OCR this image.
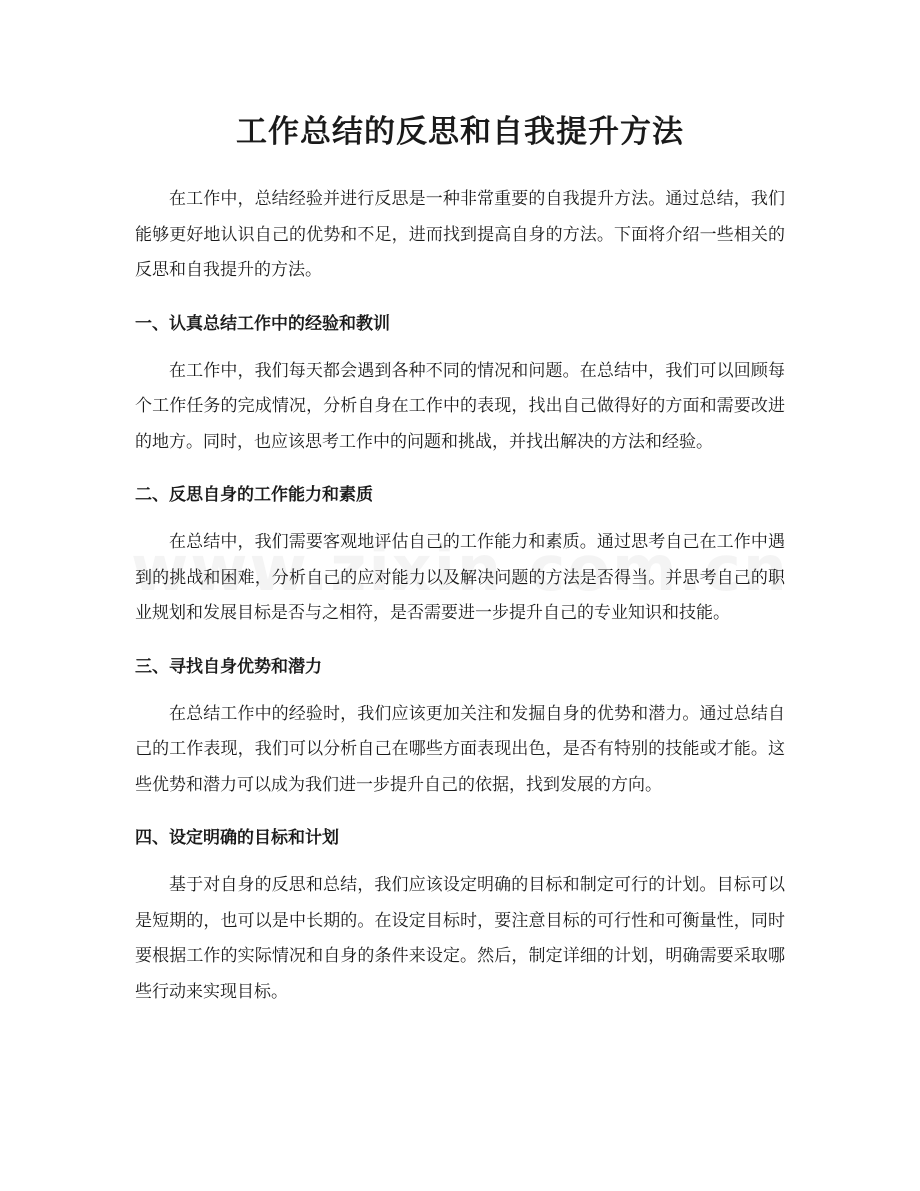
工作总结的反思和自我提升方法

在工作中，总结经验并进行反思是一种非常重要的自我提升方法。通过总结，我们能够更好地认识自己的优势和不足，进而找到提高自身的方法。下面将介绍一些相关的反思和自我提升的方法。

一、认真总结工作中的经验和教训

在工作中，我们每天都会遇到各种不同的情况和问题。在总结中，我们可以回顾每个工作任务的完成情况，分析自身在工作中的表现，找出自己做得好的方面和需要改进的地方。同时，也应该思考工作中的问题和挑战，并找出解决的方法和经验。

二、反思自身的工作能力和素质

在总结中，我们需要客观地评估自己的工作能力和素质。通过思考自己在工作中遇到的挑战和困难，分析自己的应对能力以及解决问题的方法是否得当。并思考自己的职业规划和发展目标是否与之相符，是否需要进一步提升自己的专业知识和技能。

三、寻找自身优势和潜力

在总结工作中的经验时，我们应该更加关注和发掘自身的优势和潜力。通过总结自己的工作表现，我们可以分析自己在哪些方面表现出色，是否有特别的技能或才能。这些优势和潜力可以成为我们进一步提升自己的依据，找到发展的方向。

四、设定明确的目标和计划

基于对自身的反思和总结，我们应该设定明确的目标和制定可行的计划。目标可以是短期的，也可以是中长期的。在设定目标时，要注意目标的可行性和可衡量性，同时要根据工作的实际情况和自身的条件来设定。然后，制定详细的计划，明确需要采取哪些行动来实现目标。
